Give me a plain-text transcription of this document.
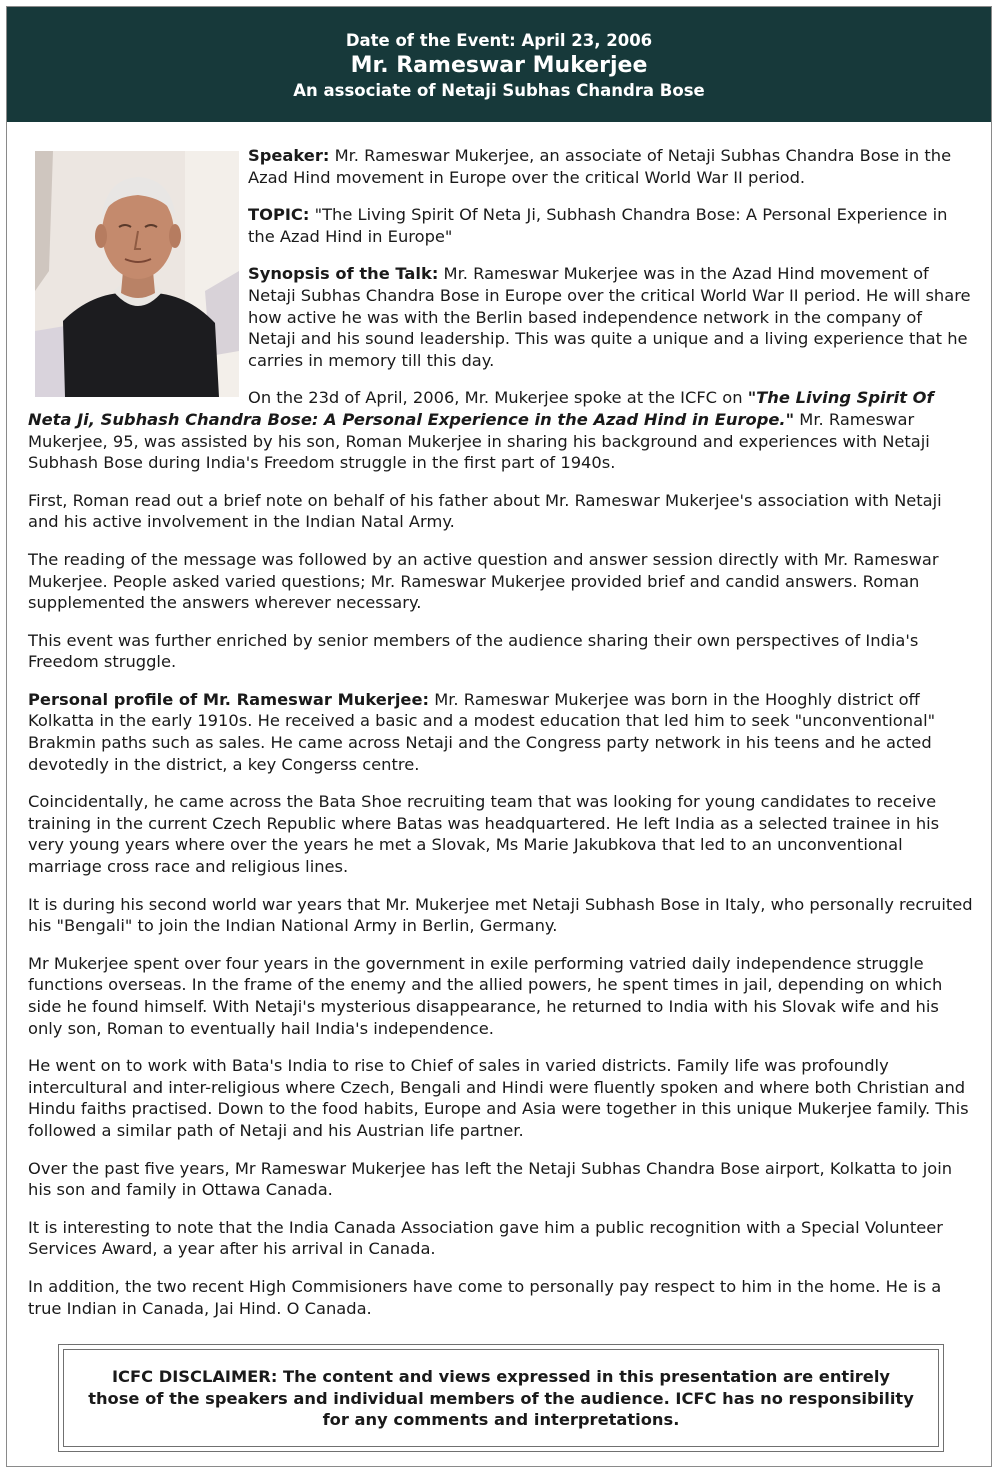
Date of the Event: April 23, 2006
Mr. Rameswar Mukerjee
An associate of Netaji Subhas Chandra Bose

Speaker: Mr. Rameswar Mukerjee, an associate of Netaji Subhas Chandra Bose in the Azad Hind movement in Europe over the critical World War II period.

TOPIC: "The Living Spirit Of Neta Ji, Subhash Chandra Bose: A Personal Experience in the Azad Hind in Europe"

Synopsis of the Talk: Mr. Rameswar Mukerjee was in the Azad Hind movement of Netaji Subhas Chandra Bose in Europe over the critical World War II period. He will share how active he was with the Berlin based independence network in the company of Netaji and his sound leadership. This was quite a unique and a living experience that he carries in memory till this day.

On the 23d of April, 2006, Mr. Mukerjee spoke at the ICFC on "The Living Spirit Of Neta Ji, Subhash Chandra Bose: A Personal Experience in the Azad Hind in Europe." Mr. Rameswar Mukerjee, 95, was assisted by his son, Roman Mukerjee in sharing his background and experiences with Netaji Subhash Bose during India's Freedom struggle in the first part of 1940s.

First, Roman read out a brief note on behalf of his father about Mr. Rameswar Mukerjee's association with Netaji and his active involvement in the Indian Natal Army.

The reading of the message was followed by an active question and answer session directly with Mr. Rameswar Mukerjee. People asked varied questions; Mr. Rameswar Mukerjee provided brief and candid answers. Roman supplemented the answers wherever necessary.

This event was further enriched by senior members of the audience sharing their own perspectives of India's Freedom struggle.

Personal profile of Mr. Rameswar Mukerjee: Mr. Rameswar Mukerjee was born in the Hooghly district off Kolkatta in the early 1910s. He received a basic and a modest education that led him to seek "unconventional" Brakmin paths such as sales. He came across Netaji and the Congress party network in his teens and he acted devotedly in the district, a key Congerss centre.

Coincidentally, he came across the Bata Shoe recruiting team that was looking for young candidates to receive training in the current Czech Republic where Batas was headquartered. He left India as a selected trainee in his very young years where over the years he met a Slovak, Ms Marie Jakubkova that led to an unconventional marriage cross race and religious lines.

It is during his second world war years that Mr. Mukerjee met Netaji Subhash Bose in Italy, who personally recruited his "Bengali" to join the Indian National Army in Berlin, Germany.

Mr Mukerjee spent over four years in the government in exile performing vatried daily independence struggle functions overseas. In the frame of the enemy and the allied powers, he spent times in jail, depending on which side he found himself. With Netaji's mysterious disappearance, he returned to India with his Slovak wife and his only son, Roman to eventually hail India's independence.

He went on to work with Bata's India to rise to Chief of sales in varied districts. Family life was profoundly intercultural and inter-religious where Czech, Bengali and Hindi were fluently spoken and where both Christian and Hindu faiths practised. Down to the food habits, Europe and Asia were together in this unique Mukerjee family. This followed a similar path of Netaji and his Austrian life partner.

Over the past five years, Mr Rameswar Mukerjee has left the Netaji Subhas Chandra Bose airport, Kolkatta to join his son and family in Ottawa Canada.

It is interesting to note that the India Canada Association gave him a public recognition with a Special Volunteer Services Award, a year after his arrival in Canada.

In addition, the two recent High Commisioners have come to personally pay respect to him in the home. He is a true Indian in Canada, Jai Hind. O Canada.

ICFC DISCLAIMER: The content and views expressed in this presentation are entirely those of the speakers and individual members of the audience. ICFC has no responsibility for any comments and interpretations.
